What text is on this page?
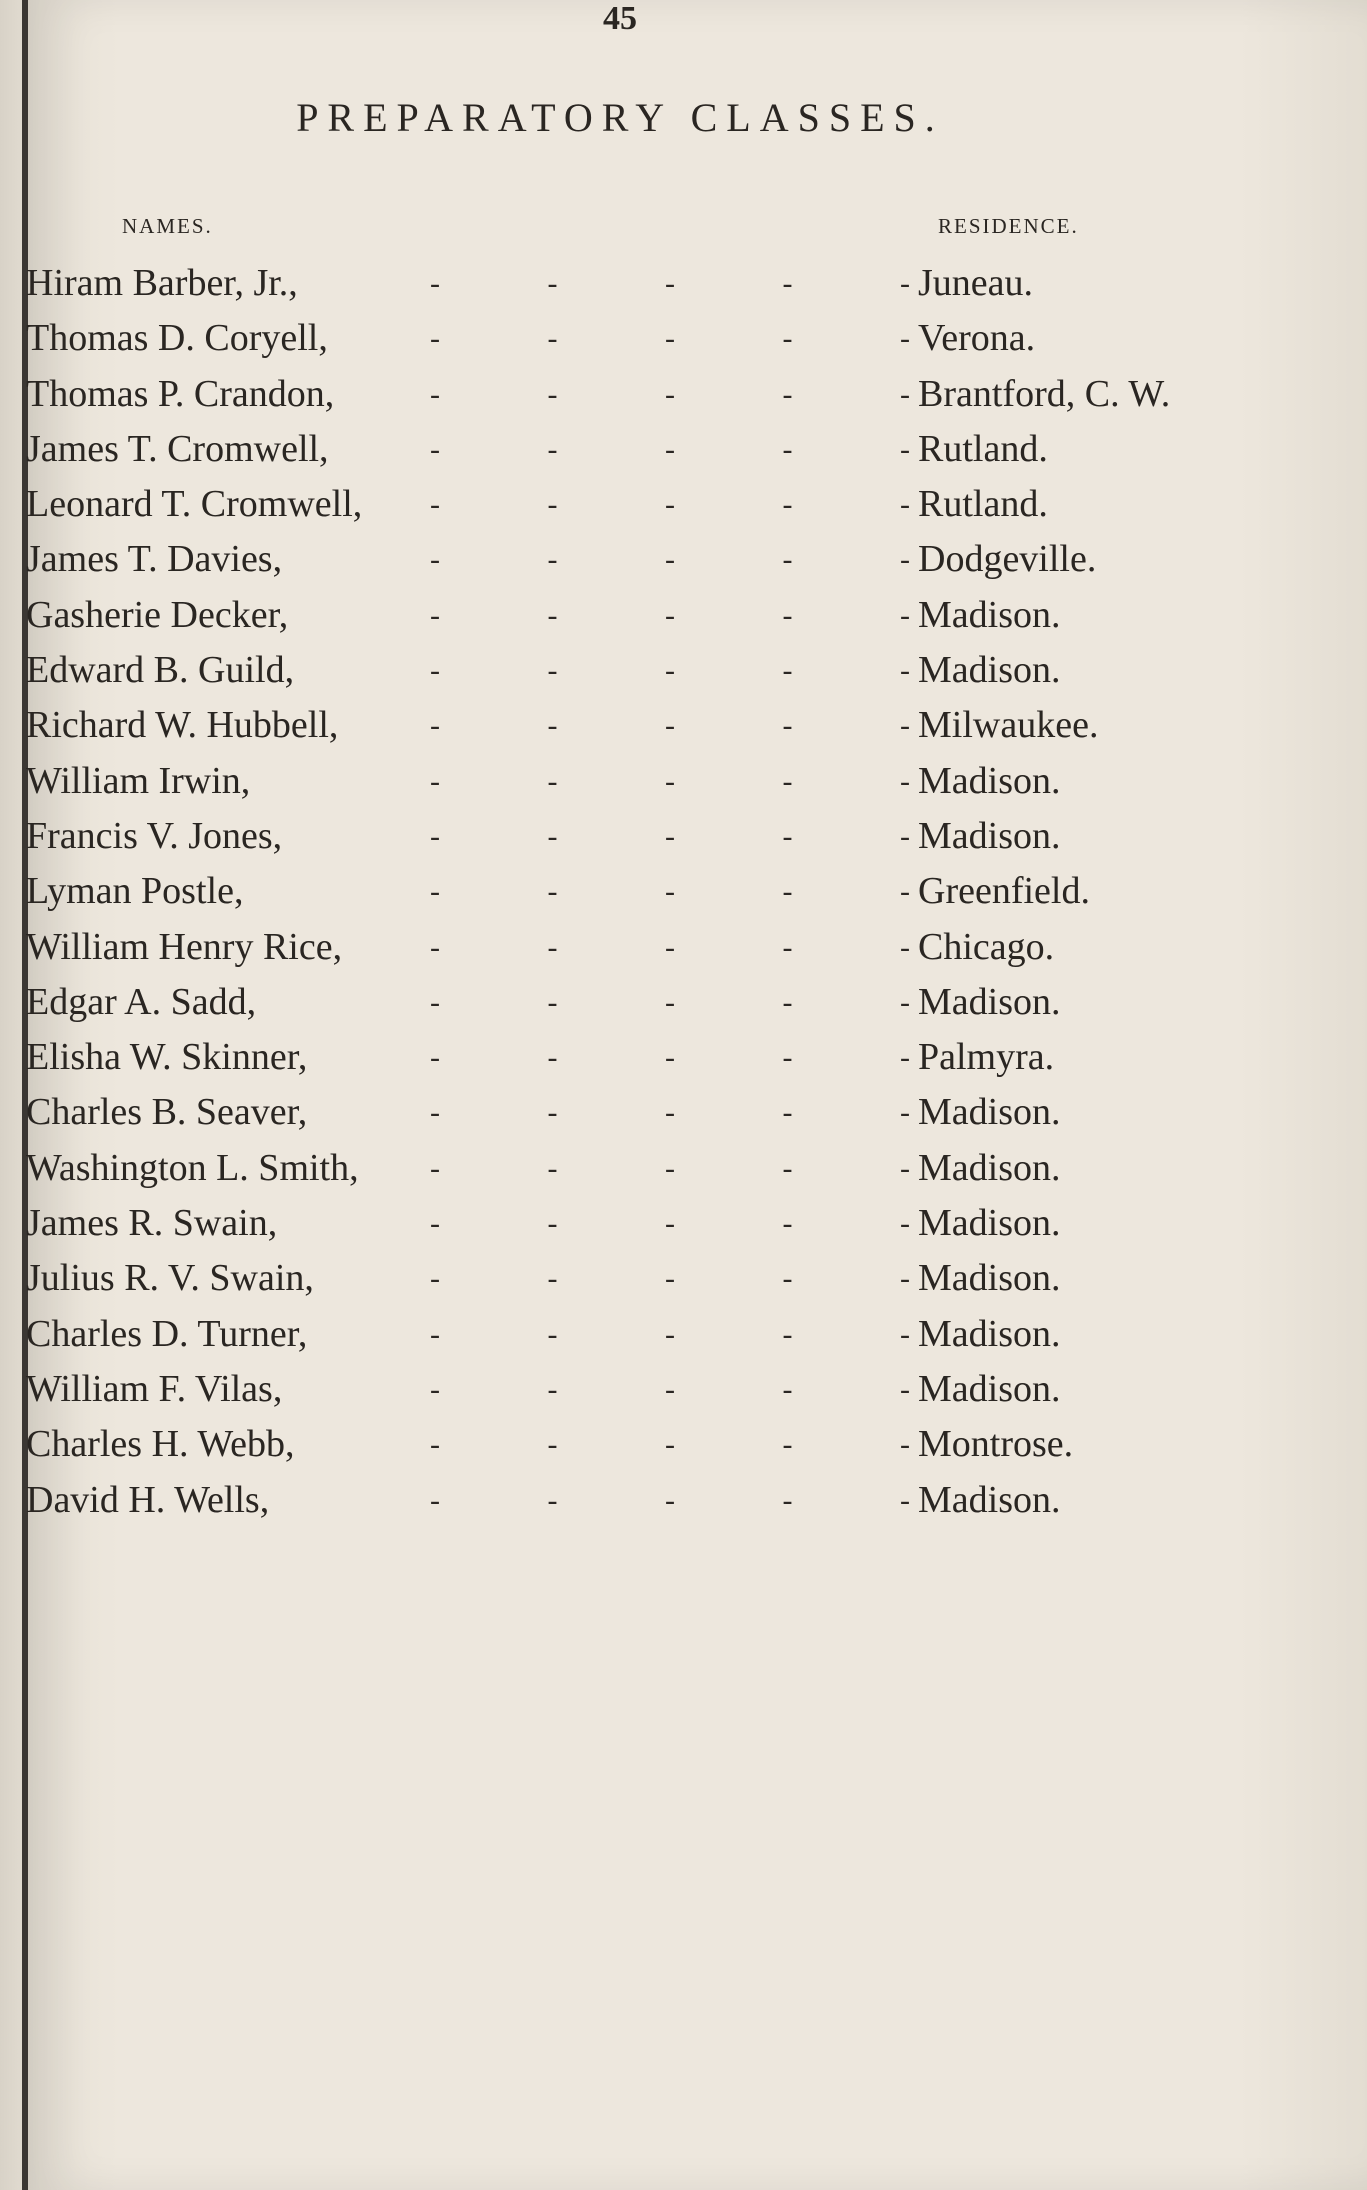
45
PREPARATORY CLASSES.
NAMES.	RESIDENCE.
Hiram Barber, Jr.,	-	-	-	-	- Juneau.
Thomas D. Coryell,	-	-	-	-	- Verona.
Thomas P. Crandon,	-	-	-	-	- Brantford, C. W.
James T. Cromwell,	-	-	-	-	- Rutland.
Leonard T. Cromwell, -	-	-	-	- Rutland.
James T. Davies,	-	-	-	-	- Dodgeville.
Gasherie Decker,	-	-	-	-	- Madison.
Edward B. Guild,	-	-	-	-	- Madison.
Richard W. Hubbell,	-	-	-	-	- Milwaukee.
William Irwin,	-	-	-	-	- Madison.
Francis V. Jones,	-	-	-	-	- Madison.
Lyman Postle,	-	-	-	-	- Greenfield.
William Henry Rice,	-	-	-	-	- Chicago.
Edgar A. Sadd,	-	-	-	-	- Madison.
Elisha W. Skinner,	-	-	-	-	- Palmyra.
Charles B. Seaver,	-	-	-	-	- Madison.
Washington L. Smith, -	-	-	-	- Madison.
James R. Swain,	-	-	-	-	- Madison.
Julius R. V. Swain,	-	-	-	-	- Madison.
Charles D. Turner,	-	-	-	-	- Madison.
William F. Vilas,	-	-	-	-	- Madison.
Charles H. Webb,	-	-	-	-	- Montrose.
David H. Wells,	-	-	-	-	- Madison.
